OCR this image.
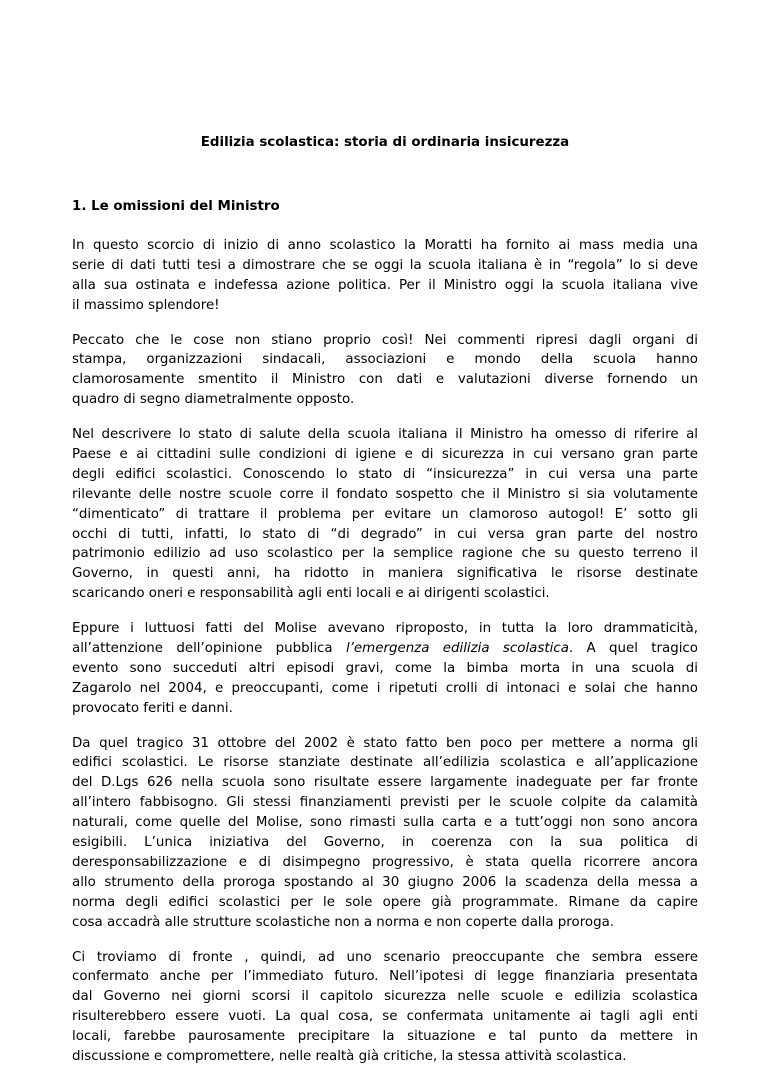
Edilizia scolastica: storia di ordinaria insicurezza
1. Le omissioni del Ministro

In questo scorcio di inizio di anno scolastico la Moratti ha fornito ai mass media una
serie di dati tutti tesi a dimostrare che se oggi la scuola italiana è in “regola” lo si deve
alla sua ostinata e indefessa azione politica. Per il Ministro oggi la scuola italiana vive
il massimo splendore!

Peccato che le cose non stiano proprio così! Nei commenti ripresi dagli organi di
stampa, organizzazioni sindacali, associazioni e mondo della scuola hanno
clamorosamente smentito il Ministro con dati e valutazioni diverse fornendo un
quadro di segno diametralmente opposto.

Nel descrivere lo stato di salute della scuola italiana il Ministro ha omesso di riferire al
Paese e ai cittadini sulle condizioni di igiene e di sicurezza in cui versano gran parte
degli edifici scolastici. Conoscendo lo stato di “insicurezza” in cui versa una parte
rilevante delle nostre scuole corre il fondato sospetto che il Ministro si sia volutamente
“dimenticato” di trattare il problema per evitare un clamoroso autogol! E’ sotto gli
occhi di tutti, infatti, lo stato di “di degrado” in cui versa gran parte del nostro
patrimonio edilizio ad uso scolastico per la semplice ragione che su questo terreno il
Governo, in questi anni, ha ridotto in maniera significativa le risorse destinate
scaricando oneri e responsabilità agli enti locali e ai dirigenti scolastici.

Eppure i luttuosi fatti del Molise avevano riproposto, in tutta la loro drammaticità,
all’attenzione dell’opinione pubblica l’emergenza edilizia scolastica. A quel tragico
evento sono succeduti altri episodi gravi, come la bimba morta in una scuola di
Zagarolo nel 2004, e preoccupanti, come i ripetuti crolli di intonaci e solai che hanno
provocato feriti e danni.

Da quel tragico 31 ottobre del 2002 è stato fatto ben poco per mettere a norma gli
edifici scolastici. Le risorse stanziate destinate all’edilizia scolastica e all’applicazione
del D.Lgs 626 nella scuola sono risultate essere largamente inadeguate per far fronte
all’intero fabbisogno. Gli stessi finanziamenti previsti per le scuole colpite da calamità
naturali, come quelle del Molise, sono rimasti sulla carta e a tutt’oggi non sono ancora
esigibili. L’unica iniziativa del Governo, in coerenza con la sua politica di
deresponsabilizzazione e di disimpegno progressivo, è stata quella ricorrere ancora
allo strumento della proroga spostando al 30 giugno 2006 la scadenza della messa a
norma degli edifici scolastici per le sole opere già programmate. Rimane da capire
cosa accadrà alle strutture scolastiche non a norma e non coperte dalla proroga.

Ci troviamo di fronte , quindi, ad uno scenario preoccupante che sembra essere
confermato anche per l’immediato futuro. Nell’ipotesi di legge finanziaria presentata
dal Governo nei giorni scorsi il capitolo sicurezza nelle scuole e edilizia scolastica
risulterebbero essere vuoti. La qual cosa, se confermata unitamente ai tagli agli enti
locali, farebbe paurosamente precipitare la situazione e tal punto da mettere in
discussione e compromettere, nelle realtà già critiche, la stessa attività scolastica.
